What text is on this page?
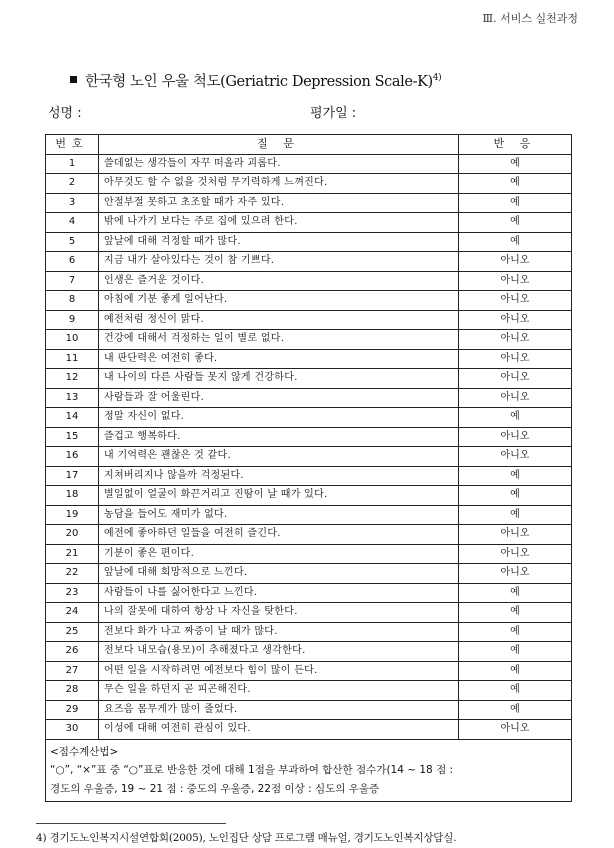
Ⅲ. 서비스 실천과정
한국형 노인 우울 척도(Geriatric Depression Scale-K)$^{4)}$
성명 :	평가일 :
번호	질 문	반 응
1	쓸데없는 생각들이 자꾸 떠올라 괴롭다.	예
2	아무것도 할 수 없을 것처럼 무기력하게 느껴진다.	예
3	안절부절 못하고 초조할 때가 자주 있다.	예
4	밖에 나가기 보다는 주로 집에 있으려 한다.	예
5	앞날에 대해 걱정할 때가 많다.	예
6	지금 내가 살아있다는 것이 참 기쁘다.	아니오
7	인생은 즐거운 것이다.	아니오
8	아침에 기분 좋게 일어난다.	아니오
9	예전처럼 정신이 맑다.	아니오
10	건강에 대해서 걱정하는 일이 별로 없다.	아니오
11	내 판단력은 여전히 좋다.	아니오
12	내 나이의 다른 사람들 못지 않게 건강하다.	아니오
13	사람들과 잘 어울린다.	아니오
14	정말 자신이 없다.	예
15	즐겁고 행복하다.	아니오
16	내 기억력은 괜찮은 것 같다.	아니오
17	지쳐버리지나 않을까 걱정된다.	예
18	별일없이 얼굴이 화끈거리고 진땀이 날 때가 있다.	예
19	농담을 들어도 재미가 없다.	예
20	예전에 좋아하던 일들을 여전히 즐긴다.	아니오
21	기분이 좋은 편이다.	아니오
22	앞날에 대해 희망적으로 느낀다.	아니오
23	사람들이 나를 싫어한다고 느낀다.	예
24	나의 잘못에 대하여 항상 나 자신을 탓한다.	예
25	전보다 화가 나고 짜증이 날 때가 많다.	예
26	전보다 내모습(용모)이 추해졌다고 생각한다.	예
27	어떤 일을 시작하려면 예전보다 힘이 많이 든다.	예
28	무슨 일을 하던지 곧 피곤해진다.	예
29	요즈음 몸무게가 많이 줄었다.	예
30	이성에 대해 여전히 관심이 있다.	아니오

<점수계산법>
“○”, “×”표 중 “○”표로 반응한 것에 대해 1점을 부과하여 합산한 점수가(14 ~ 18 점 :
경도의 우울증, 19 ~ 21 점 : 중도의 우울증, 22점 이상 : 심도의 우울증		
4) 경기도노인복지시설연합회(2005), 노인집단 상담 프로그램 매뉴얼, 경기도노인복지상담실.
